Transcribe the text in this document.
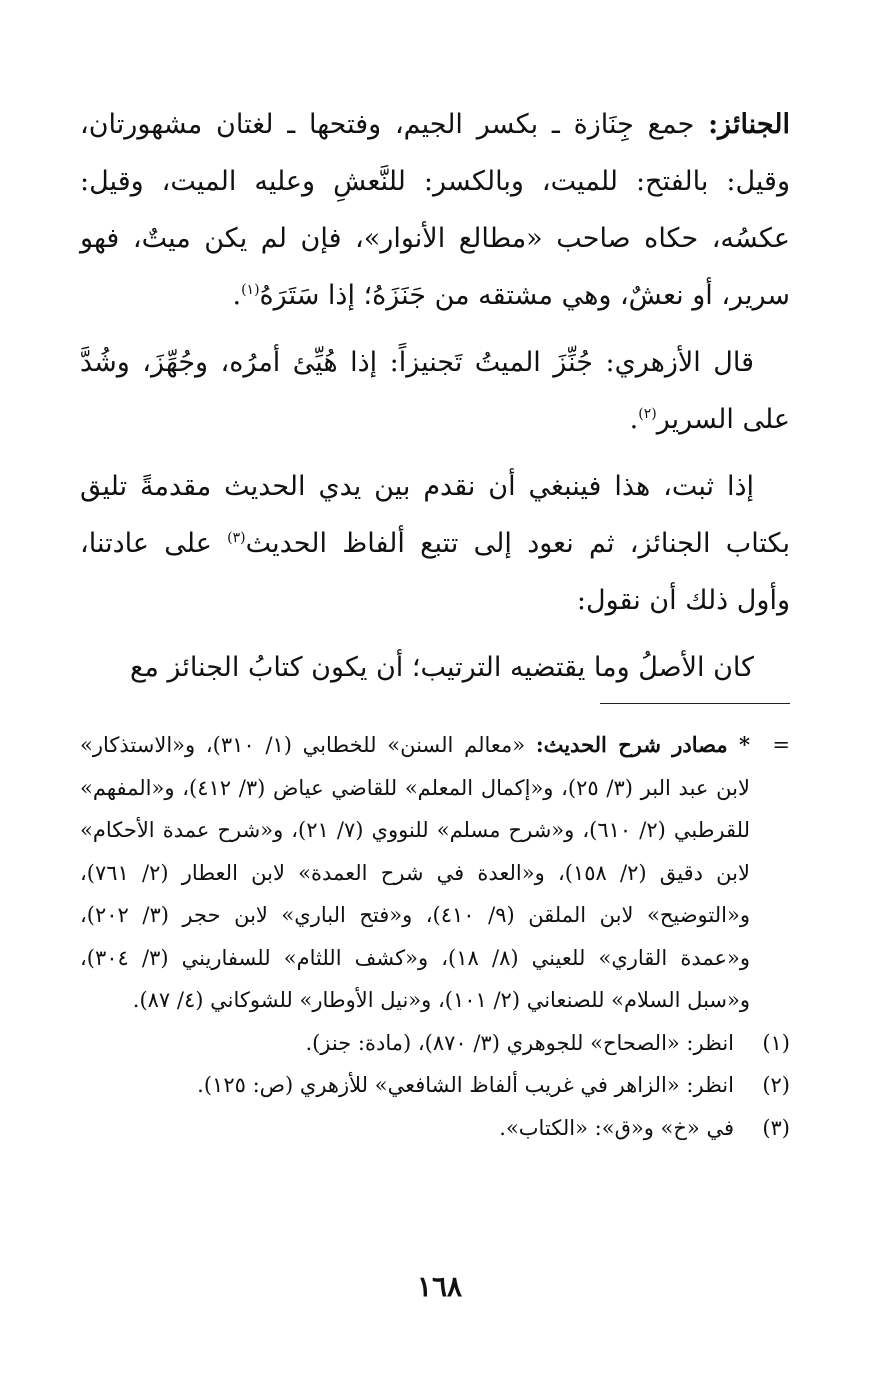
الجنائز: جمع جِنَازة ـ بكسر الجيم، وفتحها ـ لغتان مشهورتان، وقيل: بالفتح: للميت، وبالكسر: للنَّعشِ وعليه الميت، وقيل: عكسُه، حكاه صاحب «مطالع الأنوار»، فإن لم يكن ميتٌ، فهو سرير، أو نعشٌ، وهي مشتقه من جَنَزَهُ؛ إذا سَتَرَهُ$^{(١)}$.

قال الأزهري: جُنِّزَ الميتُ تَجنيزاً: إذا هُيِّئ أمرُه، وجُهِّزَ، وشُدَّ على السرير$^{(٢)}$.

إذا ثبت، هذا فينبغي أن نقدم بين يدي الحديث مقدمةً تليق بكتاب الجنائز، ثم نعود إلى تتبع ألفاظ الحديث$^{(٣)}$ على عادتنا، وأول ذلك أن نقول:

كان الأصلُ وما يقتضيه الترتيب؛ أن يكون كتابُ الجنائز مع

=
* مصادر شرح الحديث: «معالم السنن» للخطابي (١/ ٣١٠)، و«الاستذكار» لابن عبد البر (٣/ ٢٥)، و«إكمال المعلم» للقاضي عياض (٣/ ٤١٢)، و«المفهم» للقرطبي (٢/ ٦١٠)، و«شرح مسلم» للنووي (٧/ ٢١)، و«شرح عمدة الأحكام» لابن دقيق (٢/ ١٥٨)، و«العدة في شرح العمدة» لابن العطار (٢/ ٧٦١)، و«التوضيح» لابن الملقن (٩/ ٤١٠)، و«فتح الباري» لابن حجر (٣/ ٢٠٢)، و«عمدة القاري» للعيني (٨/ ١٨)، و«كشف اللثام» للسفاريني (٣/ ٣٠٤)، و«سبل السلام» للصنعاني (٢/ ١٠١)، و«نيل الأوطار» للشوكاني (٤/ ٨٧).
(١)
انظر: «الصحاح» للجوهري (٣/ ٨٧٠)، (مادة: جنز).
(٢)
انظر: «الزاهر في غريب ألفاظ الشافعي» للأزهري (ص: ١٢٥).
(٣)
في «خ» و«ق»: «الكتاب».
١٦٨
